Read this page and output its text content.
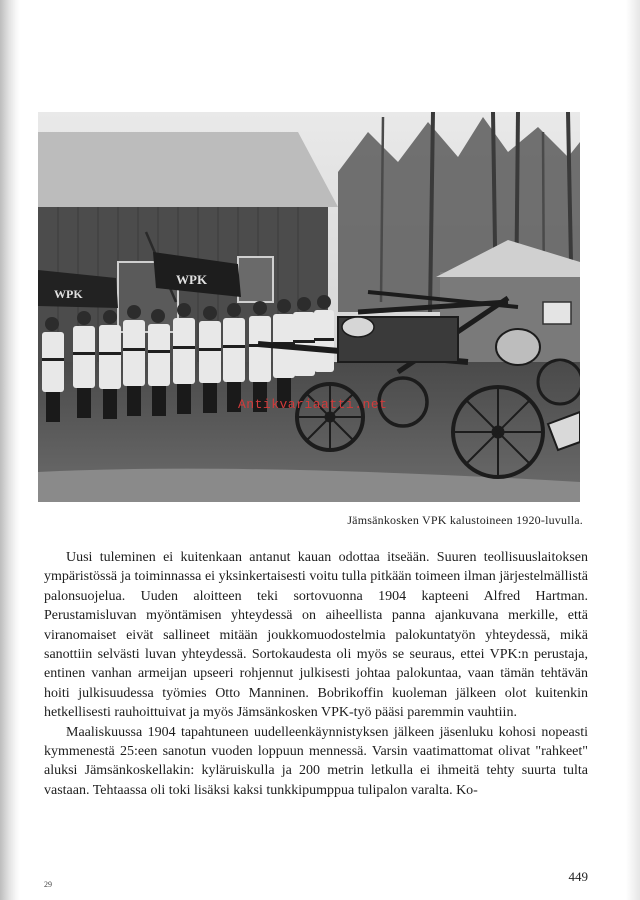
WPK
WPK
Antikvariaatti.net
Jämsänkosken VPK kalustoineen 1920-luvulla.

Uusi tuleminen ei kuitenkaan antanut kauan odottaa itseään. Suuren teollisuuslaitoksen ympäristössä ja toiminnassa ei yksinkertaisesti voitu tulla pitkään toimeen ilman järjestelmällistä palonsuojelua. Uuden aloitteen teki sortovuonna 1904 kapteeni Alfred Hartman. Perustamisluvan myöntämisen yhteydessä on aiheellista panna ajankuvana merkille, että viranomaiset eivät sallineet mitään joukkomuodostelmia palokuntatyön yhteydessä, mikä sanottiin selvästi luvan yhteydessä. Sortokaudesta oli myös se seuraus, ettei VPK:n perustaja, entinen vanhan armeijan upseeri rohjennut julkisesti johtaa palokuntaa, vaan tämän tehtävän hoiti julkisuudessa työmies Otto Manninen. Bobrikoffin kuoleman jälkeen olot kuitenkin hetkellisesti rauhoittuivat ja myös Jämsänkosken VPK-työ pääsi paremmin vauhtiin.

Maaliskuussa 1904 tapahtuneen uudelleenkäynnistyksen jälkeen jäsenluku kohosi nopeasti kymmenestä 25:een sanotun vuoden loppuun mennessä. Varsin vaatimattomat olivat "rahkeet" aluksi Jämsänkoskellakin: kyläruiskulla ja 200 metrin letkulla ei ihmeitä tehty suurta tulta vastaan. Tehtaassa oli toki lisäksi kaksi tunkkipumppua tulipalon varalta. Ko-

449
29
